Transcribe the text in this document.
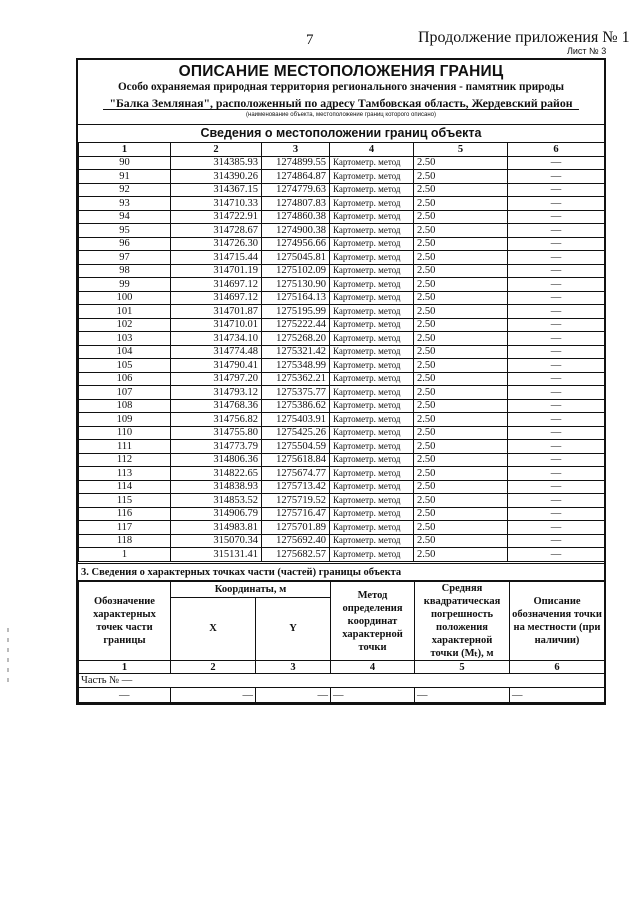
7	Продолжение приложения № 1
Лист № 3
ОПИСАНИЕ МЕСТОПОЛОЖЕНИЯ ГРАНИЦ
Особо охраняемая природная территория регионального значения - памятник природы
"Балка Земляная", расположенный по адресу Тамбовская область, Жердевский район
(наименование объекта, местоположение границ которого описано)
Сведения о местоположении границ объекта
1	2	3	4	5	6
90	314385.93	1274899.55	Картометр. метод	2.50	—
91	314390.26	1274864.87	Картометр. метод	2.50	—
92	314367.15	1274779.63	Картометр. метод	2.50	—
93	314710.33	1274807.83	Картометр. метод	2.50	—
94	314722.91	1274860.38	Картометр. метод	2.50	—
95	314728.67	1274900.38	Картометр. метод	2.50	—
96	314726.30	1274956.66	Картометр. метод	2.50	—
97	314715.44	1275045.81	Картометр. метод	2.50	—
98	314701.19	1275102.09	Картометр. метод	2.50	—
99	314697.12	1275130.90	Картометр. метод	2.50	—
100	314697.12	1275164.13	Картометр. метод	2.50	—
101	314701.87	1275195.99	Картометр. метод	2.50	—
102	314710.01	1275222.44	Картометр. метод	2.50	—
103	314734.10	1275268.20	Картометр. метод	2.50	—
104	314774.48	1275321.42	Картометр. метод	2.50	—
105	314790.41	1275348.99	Картометр. метод	2.50	—
106	314797.20	1275362.21	Картометр. метод	2.50	—
107	314793.12	1275375.77	Картометр. метод	2.50	—
108	314768.36	1275386.62	Картометр. метод	2.50	—
109	314756.82	1275403.91	Картометр. метод	2.50	—
110	314755.80	1275425.26	Картометр. метод	2.50	—
111	314773.79	1275504.59	Картометр. метод	2.50	—
112	314806.36	1275618.84	Картометр. метод	2.50	—
113	314822.65	1275674.77	Картометр. метод	2.50	—
114	314838.93	1275713.42	Картометр. метод	2.50	—
115	314853.52	1275719.52	Картометр. метод	2.50	—
116	314906.79	1275716.47	Картометр. метод	2.50	—
117	314983.81	1275701.89	Картометр. метод	2.50	—
118	315070.34	1275692.40	Картометр. метод	2.50	—
1	315131.41	1275682.57	Картометр. метод	2.50	—
3. Сведения о характерных точках части (частей) границы объекта
Обозначение характерных точек части границы	Координаты, м		Метод определения координат характерной точки	Средняя квадратическая погрешность положения характерной точки (Mₜ), м	Описание обозначения точки на местности (при наличии)
	X	Y			
1	2	3	4	5	6
Часть № —					
—	—	—	—	—	—
